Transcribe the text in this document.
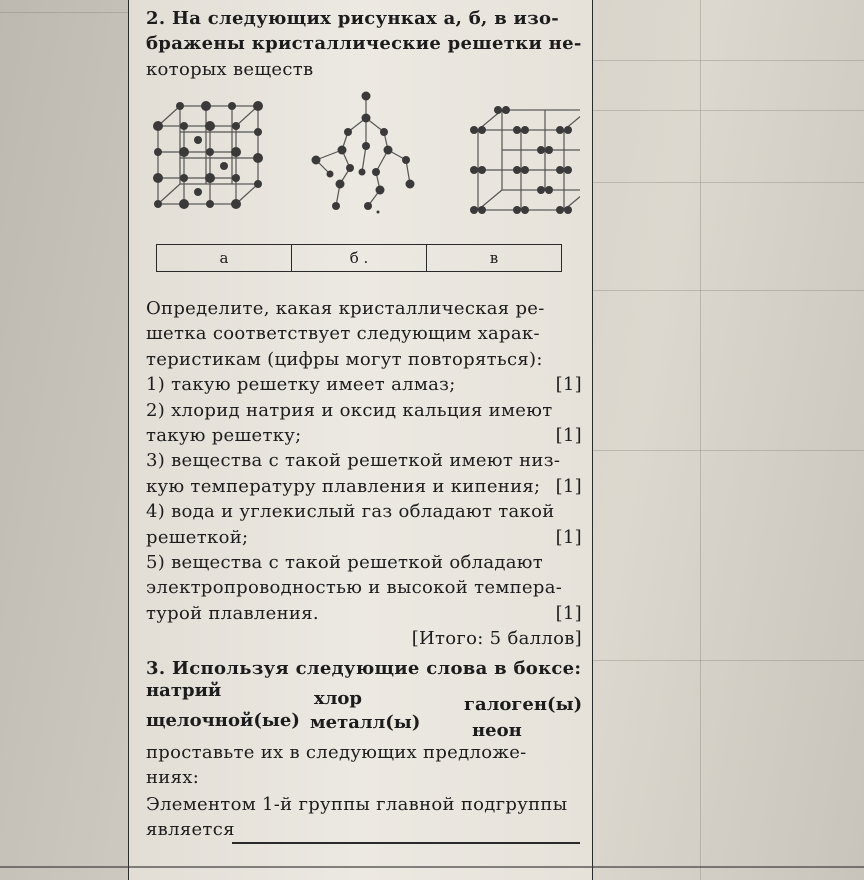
2. На следующих рисунках а, б, в изо-
бражены кристаллические решетки не-
которых веществ
а	б .	в
Определите, какая кристаллическая ре-
шетка соответствует следующим харак-
теристикам (цифры могут повторяться):
[1]
1) такую решетку имеет алмаз;
2) хлорид натрия и оксид кальция имеют
[1]
такую решетку;
3) вещества с такой решеткой имеют низ-
[1]
кую температуру плавления и кипения;
4) вода и углекислый газ обладают такой
[1]
решеткой;
5) вещества с такой решеткой обладают
электропроводностью и высокой темпера-
[1]
турой плавления.
[Итого: 5 баллов]
3. Используя следующие слова в боксе:
натрий	хлор	галоген(ы)
щелочной(ые) металл(ы)	неон
проставьте их в следующих предложе-
ниях:
Элементом 1-й группы главной подгруппы
является
